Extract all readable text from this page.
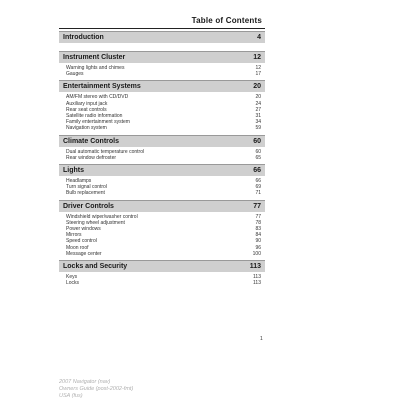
Table of Contents
Introduction	4
Instrument Cluster	12
Warning lights and chimes	12
Gauges	17
Entertainment Systems	20
AM/FM stereo with CD/DVD	20
Auxiliary input jack	24
Rear seat controls	27
Satellite radio information	31
Family entertainment system	34
Navigation system	59
Climate Controls	60
Dual automatic temperature control	60
Rear window defroster	65
Lights	66
Headlamps	66
Turn signal control	69
Bulb replacement	71
Driver Controls	77
Windshield wiper/washer control	77
Steering wheel adjustment	78
Power windows	83
Mirrors	84
Speed control	90
Moon roof	96
Message center	100
Locks and Security	113
Keys	113
Locks	113
1
2007 Navigator (nav)
Owners Guide (post-2002-fmt)
USA (fus)
